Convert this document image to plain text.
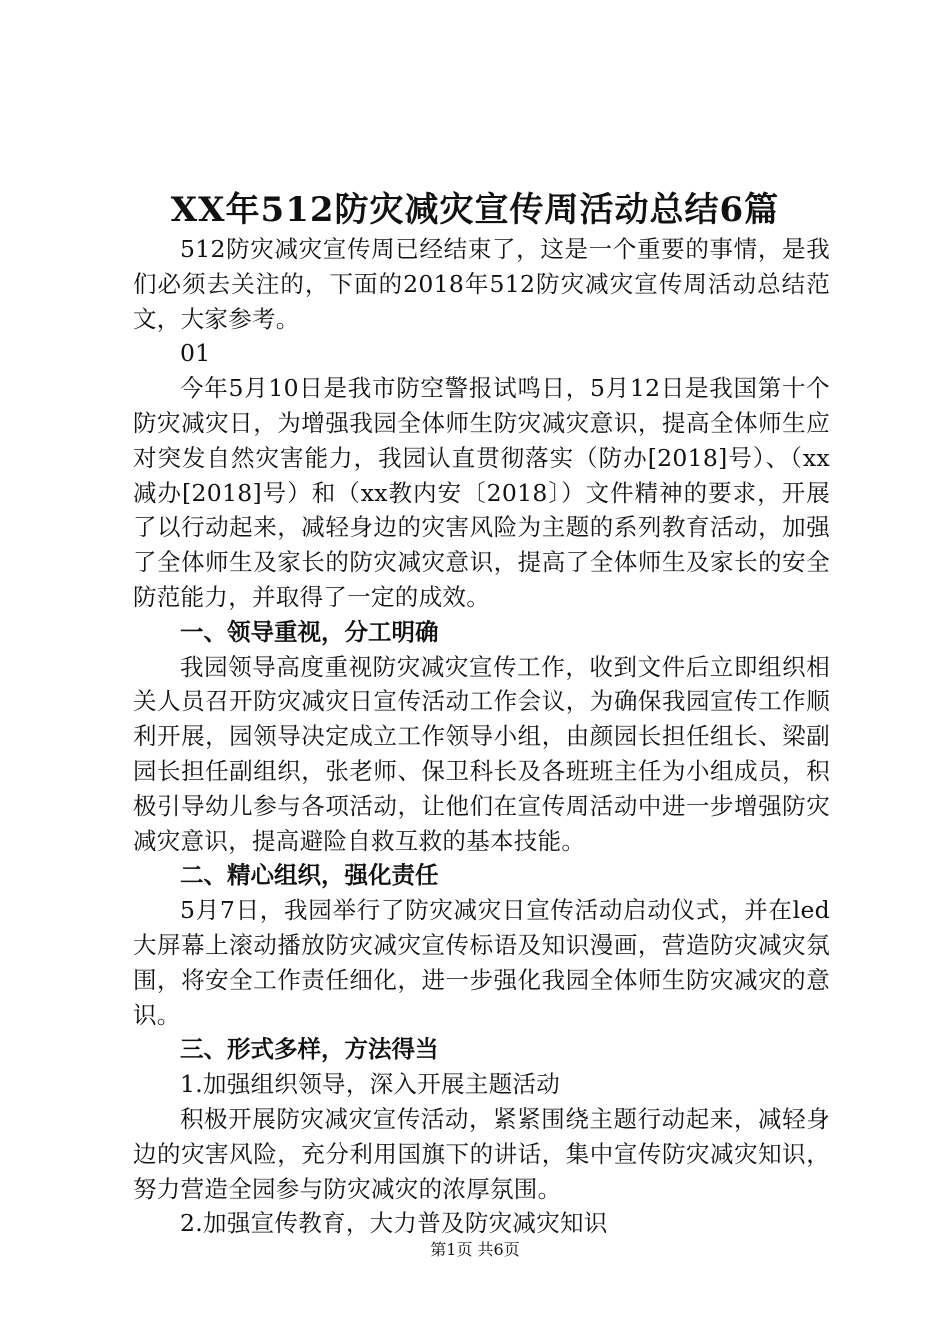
XX年512防灾减灾宣传周活动总结6篇

512防灾减灾宣传周已经结束了，这是一个重要的事情，是我们必须去关注的，下面的2018年512防灾减灾宣传周活动总结范文，大家参考。

01

今年5月10日是我市防空警报试鸣日，5月12日是我国第十个防灾减灾日，为增强我园全体师生防灾减灾意识，提高全体师生应对突发自然灾害能力，我园认直贯彻落实（防办[2018]号）、（xx减办[2018]号）和（xx教内安〔2018〕）文件精神的要求，开展了以行动起来，减轻身边的灾害风险为主题的系列教育活动，加强了全体师生及家长的防灾减灾意识，提高了全体师生及家长的安全防范能力，并取得了一定的成效。

一、领导重视，分工明确

我园领导高度重视防灾减灾宣传工作，收到文件后立即组织相关人员召开防灾减灾日宣传活动工作会议，为确保我园宣传工作顺利开展，园领导决定成立工作领导小组，由颜园长担任组长、梁副园长担任副组织，张老师、保卫科长及各班班主任为小组成员，积极引导幼儿参与各项活动，让他们在宣传周活动中进一步增强防灾减灾意识，提高避险自救互救的基本技能。

二、精心组织，强化责任

5月7日，我园举行了防灾减灾日宣传活动启动仪式，并在led大屏幕上滚动播放防灾减灾宣传标语及知识漫画，营造防灾减灾氛围，将安全工作责任细化，进一步强化我园全体师生防灾减灾的意识。

三、形式多样，方法得当

1.加强组织领导，深入开展主题活动

积极开展防灾减灾宣传活动，紧紧围绕主题行动起来，减轻身边的灾害风险，充分利用国旗下的讲话，集中宣传防灾减灾知识，努力营造全园参与防灾减灾的浓厚氛围。

2.加强宣传教育，大力普及防灾减灾知识

第1页 共6页
